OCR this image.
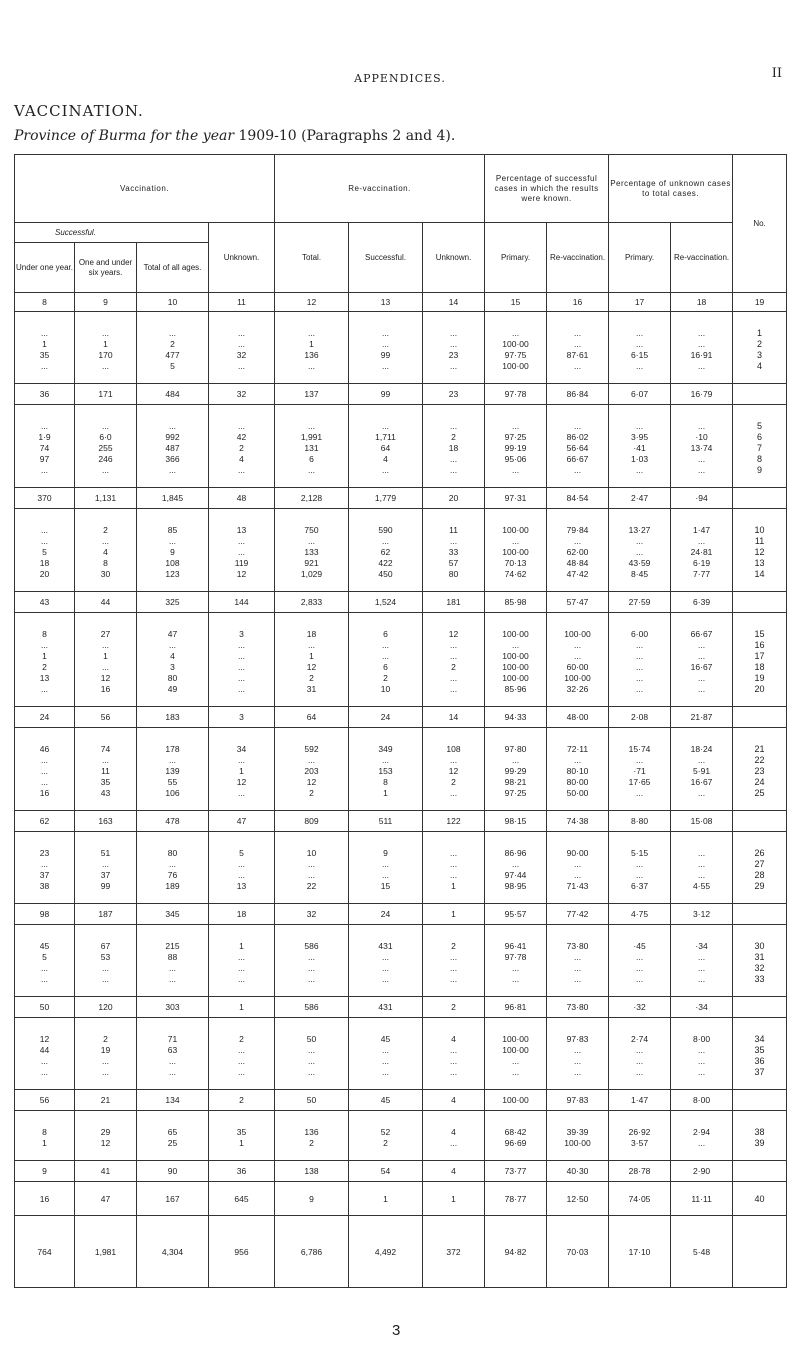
APPENDICES.	II
VACCINATION.
Province of Burma for the year 1909-10 (Paragraphs 2 and 4).
Vaccination.				Re-vaccination.			Percentage of successful cases in which the results were known.		Percentage of unknown cases to total cases.		No.
Successful.			Unknown.	Total.	Successful.	Unknown.	Primary.	Re-vaccination.	Primary.	Re-vaccination.	
Under one year.	One and under six years.	Total of all ages.									
8	9	10	11	12	13	14	15	16	17	18	19
...	...	...	...	...	...	...	...	...	...	...	1
1	1	2	...	1	...	...	100·00	...	...	...	2
35	170	477	32	136	99	23	97·75	87·61	6·15	16·91	3
...	...	5	...	...	...	...	100·00	...	...	...	4
36	171	484	32	137	99	23	97·78	86·84	6·07	16·79	
...	...	...	...	...	...	...	...	...	...	...	5
1·9	6·0	992	42	1,991	1,711	2	97·25	86·02	3·95	·10	6
74	255	487	2	131	64	18	99·19	56·64	·41	13·74	7
97	246	366	4	6	4	...	95·06	66·67	1·03	...	8
...	...	...	...	...	...	...	...	...	...	...	9
370	1,131	1,845	48	2,128	1,779	20	97·31	84·54	2·47	·94	
...	2	85	13	750	590	11	100·00	79·84	13·27	1·47	10
...	...	...	...	...	...	...	...	...	...	...	11
5	4	9	...	133	62	33	100·00	62·00	...	24·81	12
18	8	108	119	921	422	57	70·13	48·84	43·59	6·19	13
20	30	123	12	1,029	450	80	74·62	47·42	8·45	7·77	14
43	44	325	144	2,833	1,524	181	85·98	57·47	27·59	6·39	
8	27	47	3	18	6	12	100·00	100·00	6·00	66·67	15
...	...	...	...	...	...	...	...	...	...	...	16
1	1	4	...	1	...	...	100·00	...	...	...	17
2	...	3	...	12	6	2	100·00	60·00	...	16·67	18
13	12	80	...	2	2	...	100·00	100·00	...	...	19
...	16	49	...	31	10	...	85·96	32·26	...	...	20
24	56	183	3	64	24	14	94·33	48·00	2·08	21·87	
46	74	178	34	592	349	108	97·80	72·11	15·74	18·24	21
...	...	...	...	...	...	...	...	...	...	...	22
...	11	139	1	203	153	12	99·29	80·10	·71	5·91	23
...	35	55	12	12	8	2	98·21	80·00	17·65	16·67	24
16	43	106	...	2	1	...	97·25	50·00	...	...	25
62	163	478	47	809	511	122	98·15	74·38	8·80	15·08	
23	51	80	5	10	9	...	86·96	90·00	5·15	...	26
...	...	...	...	...	...	...	...	...	...	...	27
37	37	76	...	...	...	...	97·44	...	...	...	28
38	99	189	13	22	15	1	98·95	71·43	6·37	4·55	29
98	187	345	18	32	24	1	95·57	77·42	4·75	3·12	
45	67	215	1	586	431	2	96·41	73·80	·45	·34	30
5	53	88	...	...	...	...	97·78	...	...	...	31
...	...	...	...	...	...	...	...	...	...	...	32
...	...	...	...	...	...	...	...	...	...	...	33
50	120	303	1	586	431	2	96·81	73·80	·32	·34	
12	2	71	2	50	45	4	100·00	97·83	2·74	8·00	34
44	19	63	...	...	...	...	100·00	...	...	...	35
...	...	...	...	...	...	...	...	...	...	...	36
...	...	...	...	...	...	...	...	...	...	...	37
56	21	134	2	50	45	4	100·00	97·83	1·47	8·00	
8	29	65	35	136	52	4	68·42	39·39	26·92	2·94	38
1	12	25	1	2	2	...	96·69	100·00	3·57	...	39
9	41	90	36	138	54	4	73·77	40·30	28·78	2·90	
16	47	167	645	9	1	1	78·77	12·50	74·05	11·11	40
764	1,981	4,304	956	6,786	4,492	372	94·82	70·03	17·10	5·48	
3
